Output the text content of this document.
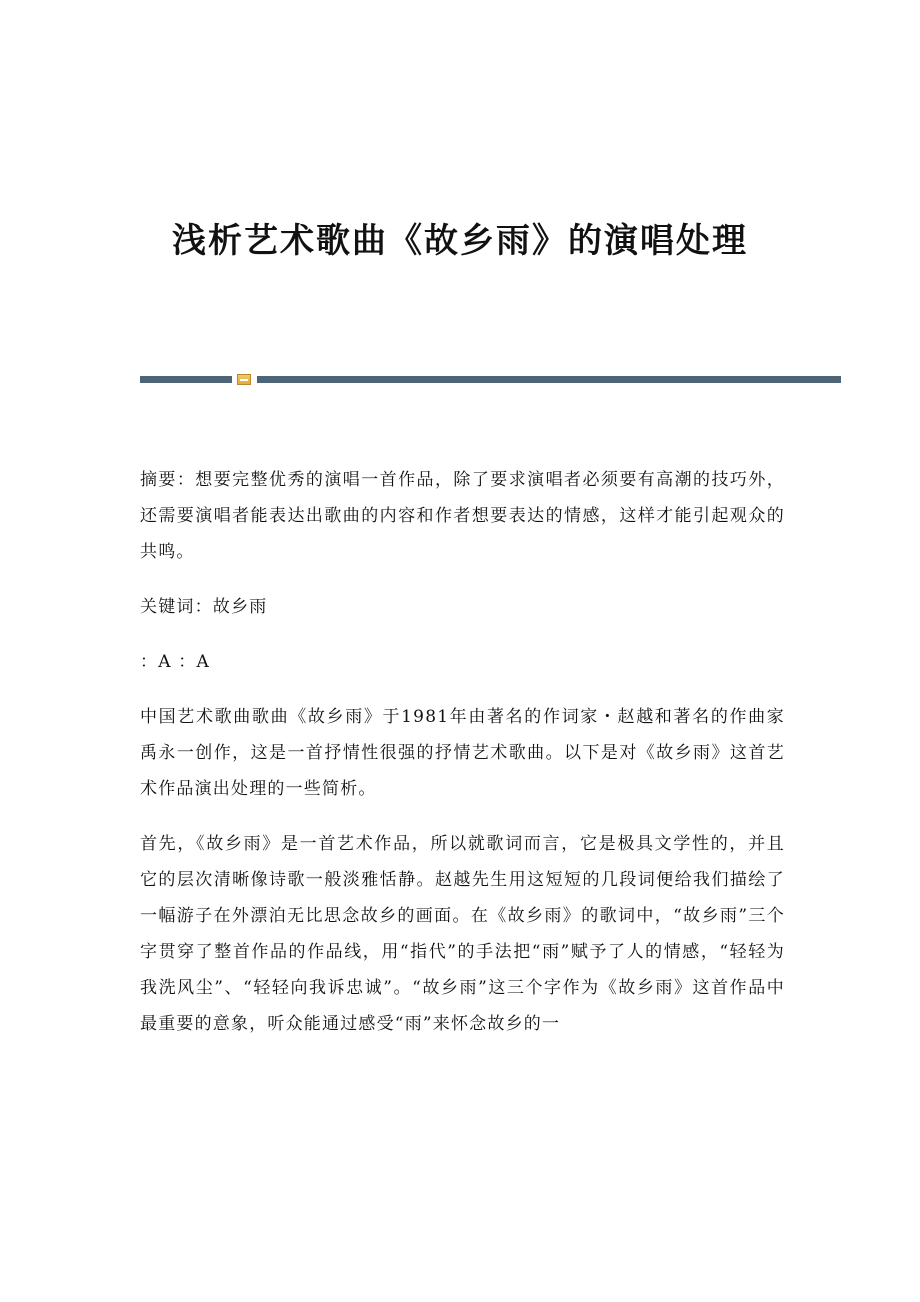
浅析艺术歌曲《故乡雨》的演唱处理

摘要：想要完整优秀的演唱一首作品，除了要求演唱者必须要有高潮的技巧外，还需要演唱者能表达出歌曲的内容和作者想要表达的情感，这样才能引起观众的共鸣。

关键词：故乡雨

：A ：A

中国艺术歌曲歌曲《故乡雨》于1981年由著名的作词家・赵越和著名的作曲家禹永一创作，这是一首抒情性很强的抒情艺术歌曲。以下是对《故乡雨》这首艺术作品演出处理的一些简析。

首先，《故乡雨》是一首艺术作品，所以就歌词而言，它是极具文学性的，并且它的层次清晰像诗歌一般淡雅恬静。赵越先生用这短短的几段词便给我们描绘了一幅游子在外漂泊无比思念故乡的画面。在《故乡雨》的歌词中，“故乡雨”三个字贯穿了整首作品的作品线，用“指代”的手法把“雨”赋予了人的情感，“轻轻为我洗风尘”、“轻轻向我诉忠诚”。“故乡雨”这三个字作为《故乡雨》这首作品中最重要的意象，听众能通过感受“雨”来怀念故乡的一
